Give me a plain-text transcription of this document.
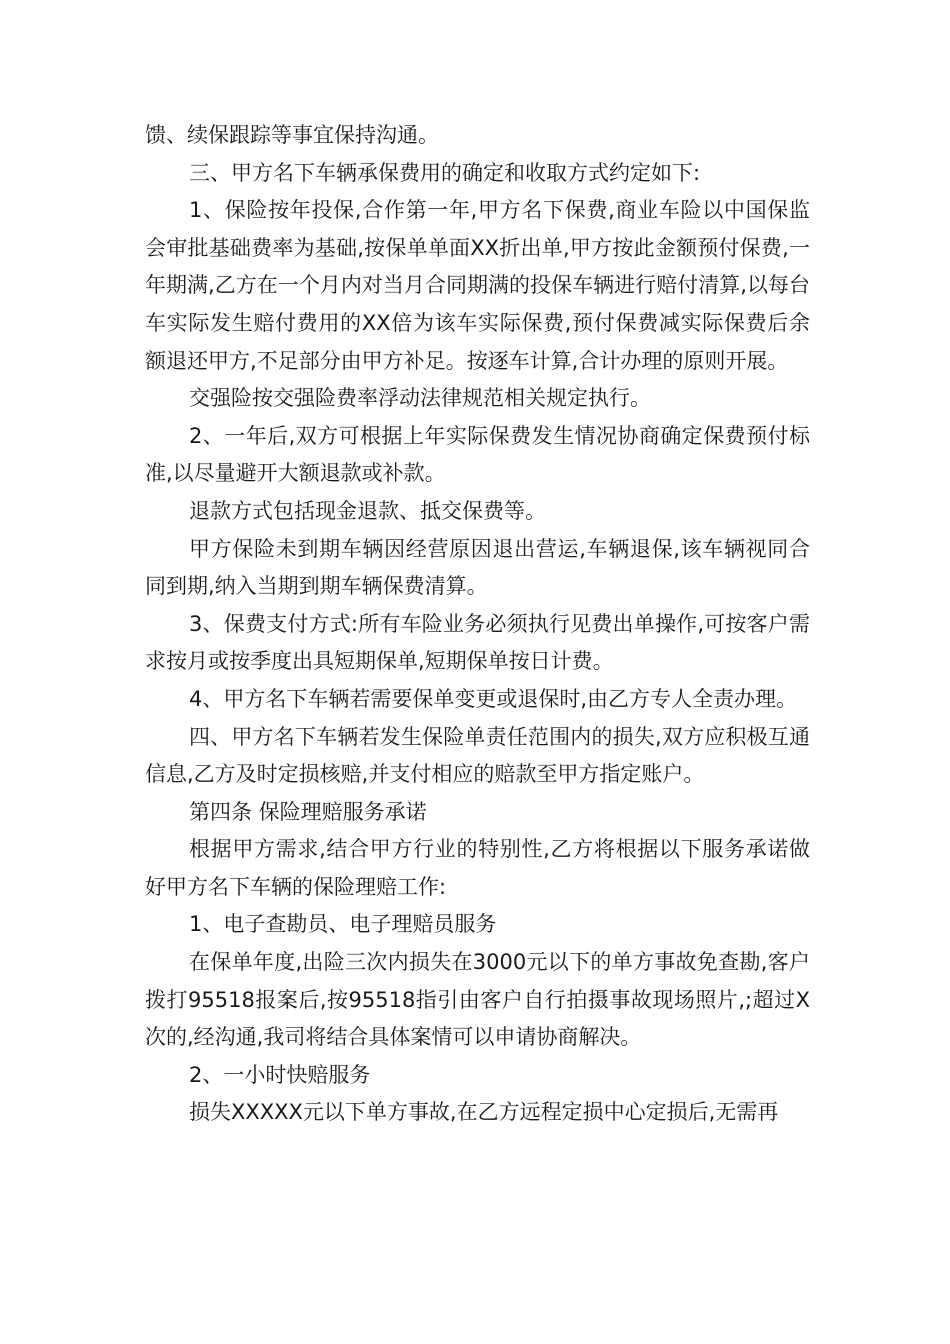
馈、续保跟踪等事宜保持沟通。

三、甲方名下车辆承保费用的确定和收取方式约定如下:

1、保险按年投保,合作第一年,甲方名下保费,商业车险以中国保监会审批基础费率为基础,按保单单面XX折出单,甲方按此金额预付保费,一年期满,乙方在一个月内对当月合同期满的投保车辆进行赔付清算,以每台车实际发生赔付费用的XX倍为该车实际保费,预付保费减实际保费后余额退还甲方,不足部分由甲方补足。按逐车计算,合计办理的原则开展。

交强险按交强险费率浮动法律规范相关规定执行。

2、一年后,双方可根据上年实际保费发生情况协商确定保费预付标准,以尽量避开大额退款或补款。

退款方式包括现金退款、抵交保费等。

甲方保险未到期车辆因经营原因退出营运,车辆退保,该车辆视同合同到期,纳入当期到期车辆保费清算。

3、保费支付方式:所有车险业务必须执行见费出单操作,可按客户需求按月或按季度出具短期保单,短期保单按日计费。

4、甲方名下车辆若需要保单变更或退保时,由乙方专人全责办理。

四、甲方名下车辆若发生保险单责任范围内的损失,双方应积极互通信息,乙方及时定损核赔,并支付相应的赔款至甲方指定账户。

第四条 保险理赔服务承诺

根据甲方需求,结合甲方行业的特别性,乙方将根据以下服务承诺做好甲方名下车辆的保险理赔工作:

1、电子查勘员、电子理赔员服务

在保单年度,出险三次内损失在3000元以下的单方事故免查勘,客户拨打95518报案后,按95518指引由客户自行拍摄事故现场照片,;超过X次的,经沟通,我司将结合具体案情可以申请协商解决。

2、一小时快赔服务

损失XXXXX元以下单方事故,在乙方远程定损中心定损后,无需再
